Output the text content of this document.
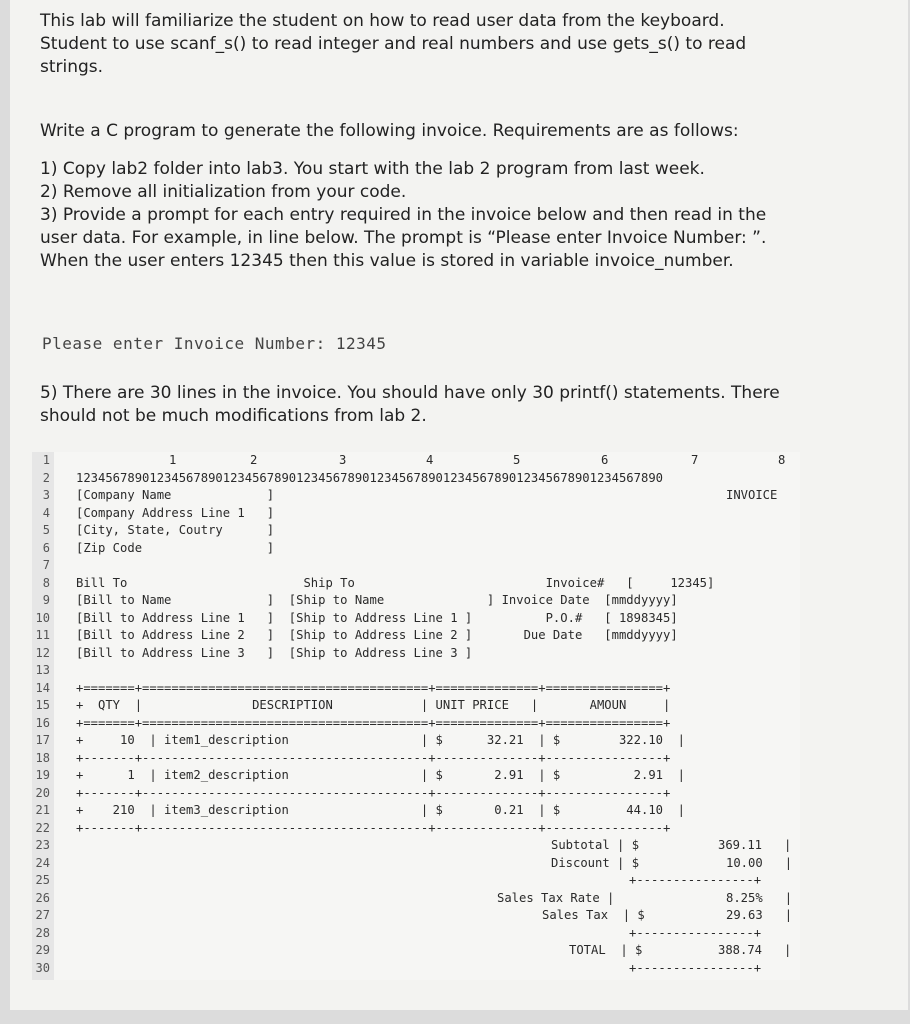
This lab will familiarize the student on how to read user data from the keyboard. Student to use scanf_s() to read integer and real numbers and use gets_s() to read strings.

Write a C program to generate the following invoice. Requirements are as follows:

1) Copy lab2 folder into lab3. You start with the lab 2 program from last week.

2) Remove all initialization from your code.

3) Provide a prompt for each entry required in the invoice below and then read in the user data. For example, in line below. The prompt is “Please enter Invoice Number: ”. When the user enters 12345 then this value is stored in variable invoice_number.

Please enter Invoice Number: 12345

5) There are 30 lines in the invoice. You should have only 30 printf() statements. There should not be much modifications from lab 2.

1	1	2	3	4	5	6	7	8
2 12345678901234567890123456789012345678901234567890123456789012345678901234567890
3 [Company Name             ]	INVOICE
4 [Company Address Line 1   ]
5 [City, State, Coutry      ]
6 [Zip Code                 ]
7
8 Bill To                        Ship To                          Invoice#   [     12345]
9 [Bill to Name             ]  [Ship to Name              ] Invoice Date  [mmddyyyy]
10 [Bill to Address Line 1   ]  [Ship to Address Line 1 ]          P.O.#   [ 1898345]
11 [Bill to Address Line 2   ]  [Ship to Address Line 2 ]       Due Date   [mmddyyyy]
12 [Bill to Address Line 3   ]  [Ship to Address Line 3 ]
13
14 +=======+=======================================+==============+================+
15 +  QTY  |               DESCRIPTION            | UNIT PRICE   |       AMOUN     |
16 +=======+=======================================+==============+================+
17 +     10  | item1_description                  | $      32.21  | $        322.10  |
18 +-------+---------------------------------------+--------------+----------------+
19 +      1  | item2_description                  | $       2.91  | $          2.91  |
20 +-------+---------------------------------------+--------------+----------------+
21 +    210  | item3_description                  | $       0.21  | $         44.10  |
22 +-------+---------------------------------------+--------------+----------------+
23	Subtotal | $	369.11   |
24	Discount | $	10.00   |
25	+----------------+
26	Sales Tax Rate |	8.25%   |
27	Sales Tax  | $	29.63   |
28	+----------------+
29	TOTAL  | $	388.74   |
30	+----------------+
